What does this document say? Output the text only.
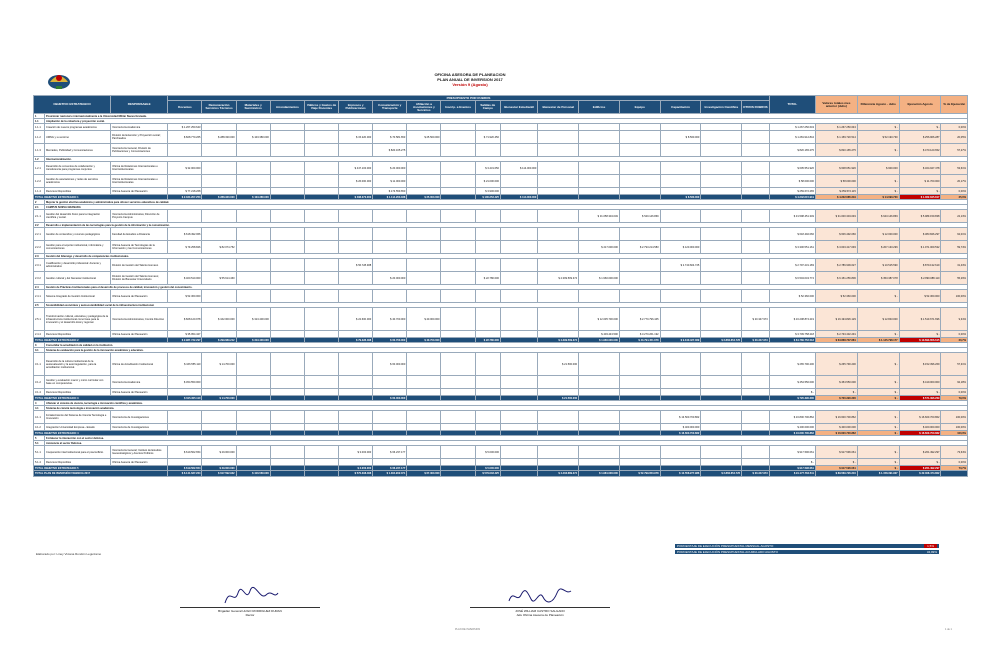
OFICINA ASESORA DE PLANEACION
PLAN ANUAL DE INVERSION 2017
Versión 9 (Agosto)
OBJETIVO ESTRATEGICO		RESPONSABLE	PRESUPUESTO POR RUBROS																	TOTAL	Valores totales mes anterior (Julio)	Diferencia Agosto - Julio	Ejecución Agosto	% de Ejecución
			Docentes	Remuneración Servicios Técnicos	Materiales y Suministros	Arrendamientos	Viáticos y Gastos de Viaje Docentes	Impresos y Publicaciones	Comunicación y Transporte	Afiliación a Asociaciones y Servicios	Inscrip. a Eventos	Salidas de Campo	Bienestar Estudiantil	Bienestar de Personal	Edificios	Equipo	Capacitación	Investigación Científica	OTROS RUBROS					
1	Posicionar nacional e internacionalmente a la Universidad Militar Nueva Granada.																							
1.1	Ampliación de la cobertura y proyección social.																							
1.1.1	Creación de nuevos programas académicos	Vicerrectoría Académica	$ 1.267.250.643																	$ 1.267.250.643	$ 1.267.250.643	$ -	$ -	0,00%
1.1.2	UMNG y su entorno	División de Extensión y Proyección social; Parcheados	$ 828.770.265	$ 288.330.000	$ 103.380.000			$ 15.220.000	$ 70.581.653	$ 25.500.000		$ 71.920.450					$ 8.560.000			$ 1.281.912.844	$ 1.159.720.514	$ 52.193.730	$ 256.966.287	20,05%
1.1.3	Mercadeo, Publicidad y Comunicaciones	Vicerrectoría General, División de Publicaciones y Comunicaciones							$ 820.165.275											$ 820.165.275	$ 820.165.275	$ -	$ 470.120.652	57,27%
1.2	Internacionalización.																							
1.2.1	Desarrollo de convenios de colaboración y transferencia para programas conjuntos	Oficina de Relaciones Internacionales e Interinstitucionales	$ 32.000.000					$ 447.100.000	$ 20.000.000			$ 3.431.050	$ 114.000.000							$ 605.551.926	$ 608.651.926	$ 900.000	$ 324.947.478	53,61%
1.2.2	Gestión de asociaciones y redes de servicios académicos	Oficina de Relaciones Internacionales e Interinstitucionales						$ 26.000.000	$ 11.000.000			$ 21.000.000								$ 58.000.000	$ 58.000.000	$ -	$ 11.700.000	20,17%
1.1.4	Recursos Disponibles	Oficina Asesora de Planeación	$ 77.218.268						$ 173.559.650			$ 3.900.000								$ 259.672.265	$ 259.572.115	$ -	$ -	0,00%
TOTAL OBJETIVO ESTRATEGICO 1			$ 2.034.207.253	$ 288.330.000	$ 103.380.000			$ 488.370.000	$ 1.114.203.028	$ 25.000.000		$ 100.252.425	$ 114.000.000				$ 8.560.000			$ 4.232.615.919	$ 4.222.685.219	$ 14.093.730	$ 1.062.845.817	25,0%
2	Mejorar la gestión efectiva académica y administrativa para ofrecer servicios educativos de calidad.																							
2.1	CAMPUS NUEVA GRANADA																							
2.1.1	Gestión del desarrollo físico para la integración científica y social.	Vicerrectoría Administrativa; Dirección de Proyecto Campus													$ 31.058.304.049	$ 540.146.869				$ 31.598.451.349	$ 31.000.304.049	$ 643.146.869	$ 5.989.159.838	22,13%
2.2	Desarrollo e implementación de las tecnologías para la gestión de la información y la comunicación.																							
2.2.1	Gestión de contenidos y recursos pedagógicos	Facultad de Estudios a Distancia	$ 618.492.066																	$ 618.492.066	$ 606.492.066	$ 12.000.000	$ 383.846.297	62,01%
2.2.2	Gestión para el soporte institucional, informática y comunicaciones	Oficina Asesora de Tecnologías de la Información y las Comunicaciones	$ 79.258.826	$ 82.074.752											$ 217.000.000	$ 2.793.214.583	$ 120.000.000			$ 3.300.551.161	$ 3.003.417.093	$ 207.133.296	$ 1.971.009.532	59,74%
2.3	Gestión del liderazgo y desarrollo de competencias institucionales.																							
2.3.1	Cualificación y desarrollo profesional: docente y administrativo	División de Gestión del Talento Humano						$ 56.728.488									$ 2.740.604.725			$ 2.797.431.183	$ 2.786.909.627	$ 10.515.590	$ 879.132.619	31,43%
2.3.2	Gestión cultural y del bienestar institucional	División de Gestión del Talento Humano; División de Bienestar Universitario	$ 400.510.000	$ 55.614.460					$ 20.000.000			$ 22.780.000		$ 4.399.509.374	$ 1.960.000.000					$ 6.504.643.774	$ 6.151.256.806	$ 353.387.078	$ 2.890.088.110	55,29%
2.4	Gestión de Prácticas Institucionales para el desarrollo de procesos de calidad, innovación y gestión del conocimiento.																							
2.4.1	Sistema Integrado de Gestión Institucional	Oficina Asesora de Planeación	$ 52.360.000																	$ 52.360.000	$ 52.360.000	$ -	$ 52.360.000	100,00%
2.5	Sostenibilidad económica y autosostenibilidad social de la infraestructura institucional.																							
2.5.1	Transformación cultural, educativa y pedagógica de la infraestructura institucional como base para la innovación y el desarrollo local y regional.	Vicerrectoría Administrativa; Comité Directivo	$ 828.120.978	$ 162.000.000	$ 313.400.000			$ 22.600.000	$ 40.700.000	$ 40.000.000					$ 12.035.700.000	$ 2.770.796.445			$ 20.347.973	$ 16.208.874.219	$ 16.194.826.129	$ 12.843.000	$ 1.510.671.696	9,34%
2.4.4	Recursos Disponibles	Oficina Asesora de Planeación	$ 35.954.427												$ 403.443.590	$ 3.270.261.192				$ 3.709.758.218	$ 2.733.432.291	$ -	$ -	0,00%
TOTAL OBJETIVO ESTRATEGICO 2			$ 2.987.732.297	$ 299.689.212	$ 313.400.000			$ 79.328.488	$ 60.700.000	$ 40.700.000		$ 22.780.000		$ 4.399.509.374	$ 1.960.000.000	$ 43.794.451.678	$ 9.340.427.069	$ 2.860.654.725	$ 20.347.973	$ 64.789.752.518	$ 63.868.737.681	$ 1.145.798.177	$ 13.693.656.615	20,7%
3	Consolidar la acreditación de calidad en la institución.																							
3.1	Sistema de evaluación para la gestión de la innovación académica y educativa.																							
3.1.1	Desarrollo de la cultura institucional de la autoevaluación y la autorregulación, para la acreditación institucional.	Oficina de Acreditación Institucional	$ 166.555.110	$ 14.700.000					$ 60.000.000					$ 21.500.000						$ 265.790.200	$ 265.790.200	$ -	$ 152.396.269	57,31%
3.1.2	Gestión y evaluación macro y micro curricular con base en competencias.	Vicerrectoría Académica	$ 454.550.000																	$ 454.550.000	$ 454.550.000	$ -	$ 419.000.000	92,18%
3.1.4	Recursos Disponibles	Oficina Asesora de Planeación																		$ -	$ -	$ -	$ -	0,00%
TOTAL OBJETIVO ESTRATEGICO 3			$ 615.305.110	$ 14.700.000					$ 60.000.000					$ 21.500.000						$ 720.390.200	$ 720.390.200	$ -	$ 571.396.269	79,0%
4	Afianzar el sistema de ciencia, tecnología e innovación científica y académica.																							
4.1	Sistema de ciencia tecnología e innovación académica.																							
4.1.1	Fortalecimiento del Sistema de Ciencia Tecnología e Innovación	Vicerrectoría de Investigaciones															$ 13.500.700.862			$ 16.800.700.862	$ 16.600.700.862	$ -	$ 16.600.700.862	100,00%
4.1.2	Integración Universidad Empresa - Estado	Vicerrectoría de Investigaciones															$ 400.000.000			$ 400.000.000	$ 400.000.000	$ -	$ 400.000.000	100,00%
TOTAL OBJETIVO ESTRATEGICO 4																	$ 16.600.700.862			$ 16.600.700.862	$ 16.600.700.862	$ -	$ 16.600.700.862	100,0%
5	Fortalecer la interacción con el sector defensa.																							
5.1	Asistencia al sector Defensa.																							
5.1.1	Cooperación interinstitucional para el posconflicto.	Vicerrectoría General; Instituto de Estudios Geoestratégicos y Asuntos Políticos	$ 619.562.654	$ 29.000.000				$ 3.000.000	$ 66.237.177			$ 5.000.000								$ 917.596.061	$ 917.596.061	$ -	$ 261.492.297	73,64%
5.1.4	Recursos Disponibles	Oficina Asesora de Planeación																		$ -	$ -	$ -	$ -	0,00%
TOTAL OBJETIVO ESTRATEGICO 5			$ 619.562.654	$ 29.000.000				$ 3.000.000	$ 66.237.177			$ 5.000.000								$ 917.596.061	$ 917.596.061	$ -	$ 261.492.297	73,7%
TOTAL PLAN DE INVERSIÓN VIGENCIA 2017			$ 6.141.637.224	$ 617.592.932	$ 416.560.000			$ 570.398.488	$ 1.304.902.071	$ 67.300.000		$ 579.032.425		$ 4.403.689.374	$ 1.981.000.000	$ 52.799.053.978	$ 12.558.277.986	$ 2.860.654.725	$ 20.347.973	$ 91.177.784.511	$ 89.569.726.216	$ 1.158.391.907	$ 32.308.474.802	
Elaborado por: Liney Viviana Rondón Leguizamo
PORCENTAJE DE EJECUCIÓN PRESUPUESTAL MENSUAL AGOSTO	1,5%
PORCENTAJE DE EJECUCIÓN PRESUPUESTAL ACUMULADO AGOSTO	34,99%
Brigadier General HUGO RODRIGUEZ DURAN
Rector
JOSÉ WILLIAM CASTRO SALGADO
Jefe Oficina Asesora de Planeación
PLAN DE INVERSION	1 de 1
